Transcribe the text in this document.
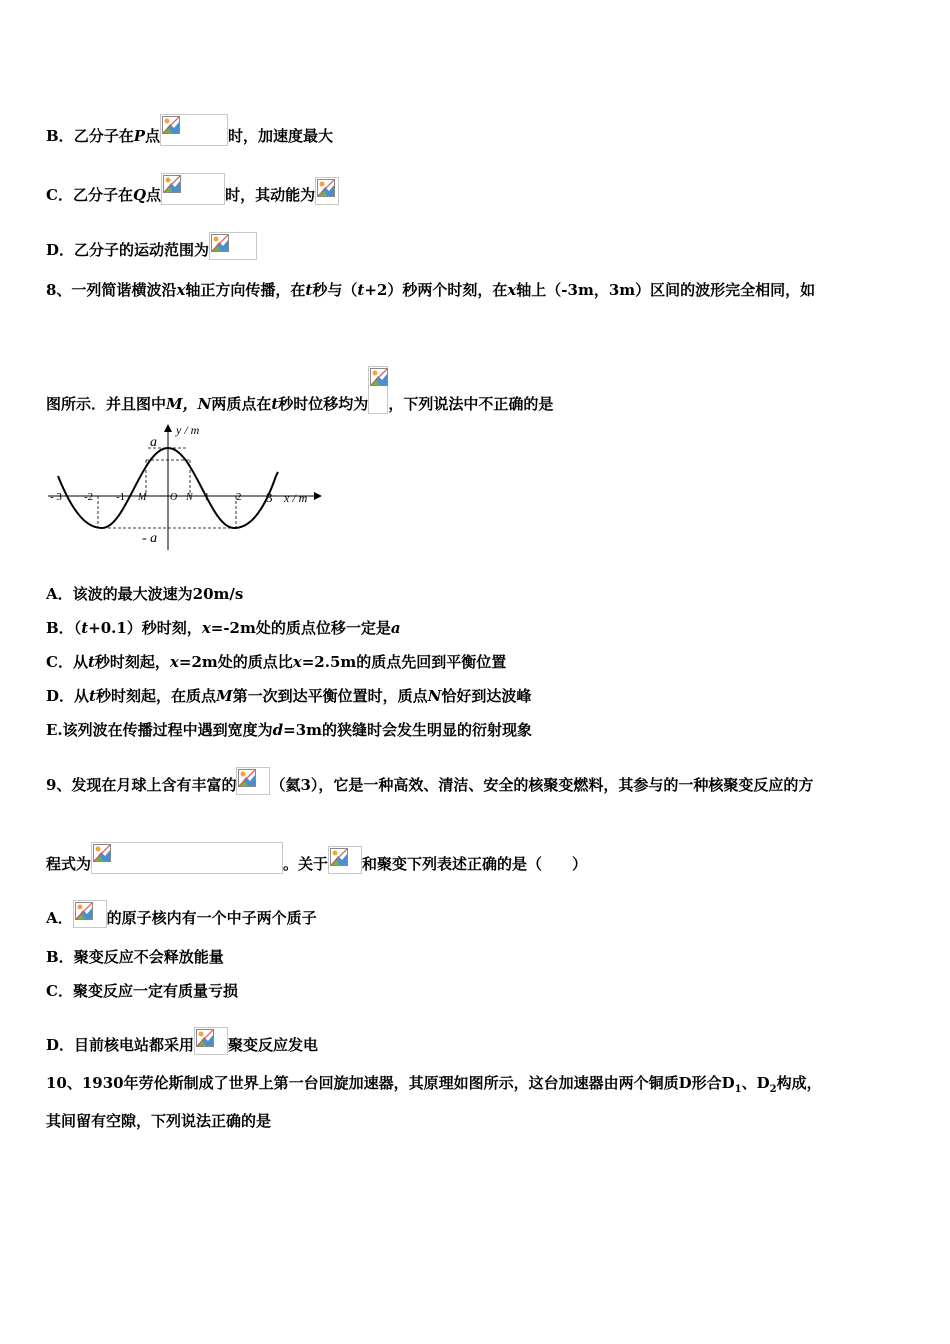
B．乙分子在P点	时，加速度最大
C．乙分子在Q点	时，其动能为
D．乙分子的运动范围为
8、一列简谐横波沿x轴正方向传播，在t秒与（t+2）秒两个时刻，在x轴上（-3m，3m）区间的波形完全相同，如
图所示．并且图中M，N两质点在t秒时位移均为 ，下列说法中不正确的是
y / m
x / m
a
- a
- 3 -2 -1 M O N 1 2 3
A．该波的最大波速为20m/s
B．（t+0.1）秒时刻，x=-2m处的质点位移一定是a
C．从t秒时刻起，x=2m处的质点比x=2.5m的质点先回到平衡位置
D．从t秒时刻起，在质点M第一次到达平衡位置时，质点N恰好到达波峰
E.该列波在传播过程中遇到宽度为d=3m的狭缝时会发生明显的衍射现象
9、发现在月球上含有丰富的 （氦3），它是一种高效、清洁、安全的核聚变燃料，其参与的一种核聚变反应的方
程式为	。关于 和聚变下列表述正确的是（　　）
A． 的原子核内有一个中子两个质子
B．聚变反应不会释放能量
C．聚变反应一定有质量亏损
D．目前核电站都采用 聚变反应发电
10、1930年劳伦斯制成了世界上第一台回旋加速器，其原理如图所示，这台加速器由两个铜质D形合$D_1$、$D_2$构成，
其间留有空隙，下列说法正确的是
